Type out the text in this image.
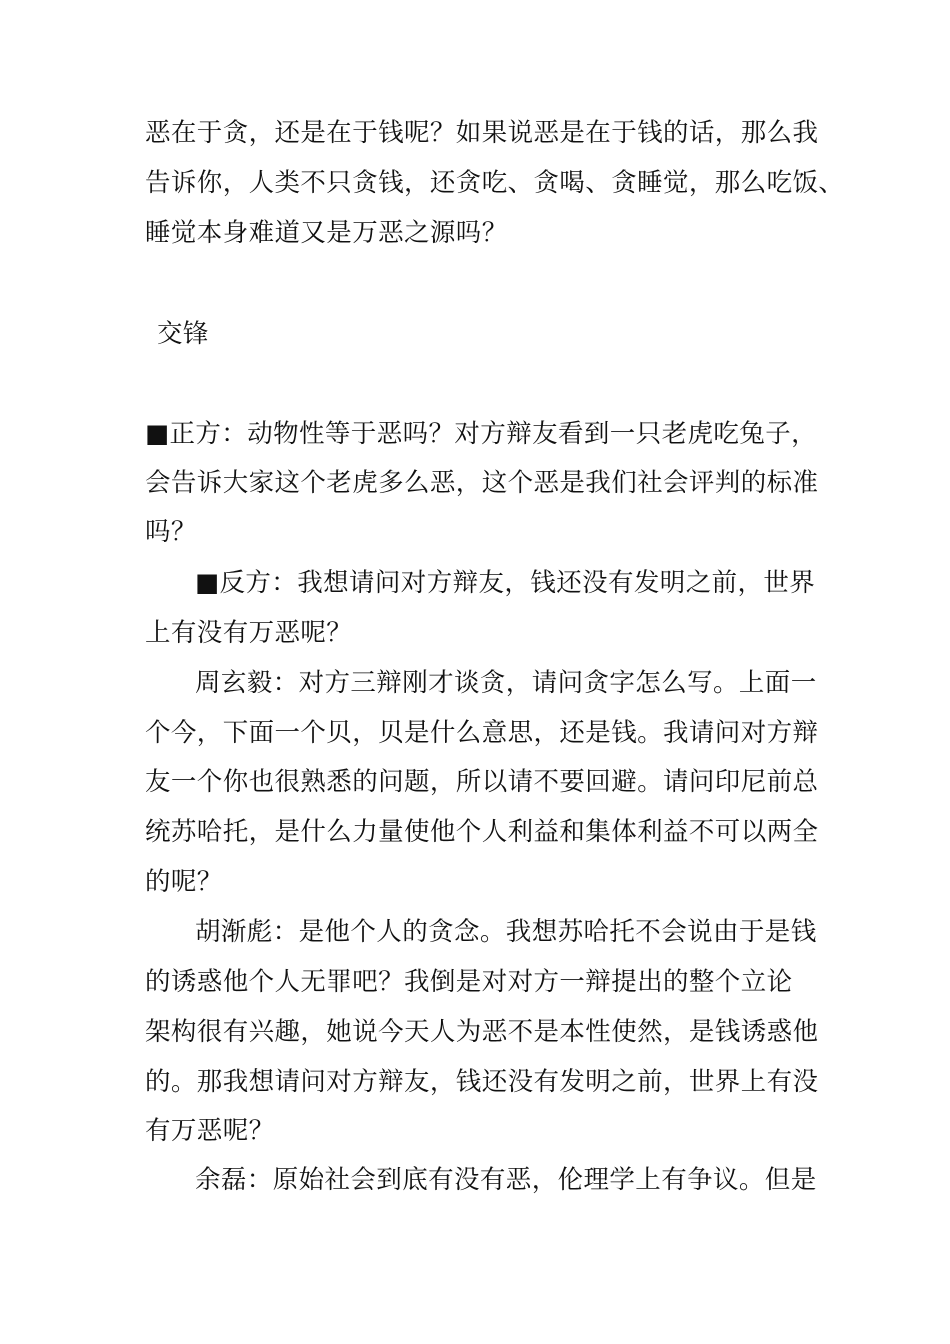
恶在于贪，还是在于钱呢？如果说恶是在于钱的话，那么我
告诉你，人类不只贪钱，还贪吃、贪喝、贪睡觉，那么吃饭、
睡觉本身难道又是万恶之源吗？
交锋
■正方：动物性等于恶吗？对方辩友看到一只老虎吃兔子，
会告诉大家这个老虎多么恶，这个恶是我们社会评判的标准
吗？
■反方：我想请问对方辩友，钱还没有发明之前，世界
上有没有万恶呢？
周玄毅：对方三辩刚才谈贪，请问贪字怎么写。上面一
个今，下面一个贝，贝是什么意思，还是钱。我请问对方辩
友一个你也很熟悉的问题，所以请不要回避。请问印尼前总
统苏哈托，是什么力量使他个人利益和集体利益不可以两全
的呢？
胡渐彪：是他个人的贪念。我想苏哈托不会说由于是钱
的诱惑他个人无罪吧？我倒是对对方一辩提出的整个立论
架构很有兴趣，她说今天人为恶不是本性使然，是钱诱惑他
的。那我想请问对方辩友，钱还没有发明之前，世界上有没
有万恶呢？
余磊：原始社会到底有没有恶，伦理学上有争议。但是
